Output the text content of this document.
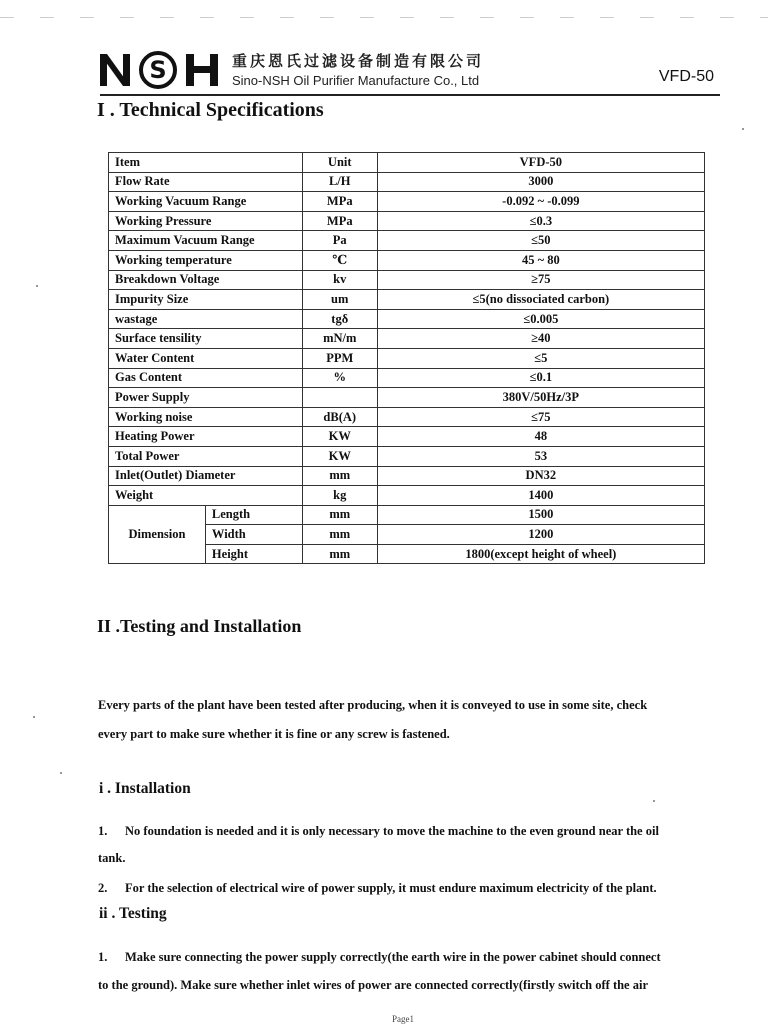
S	重庆恩氏过滤设备制造有限公司
Sino-NSH Oil Purifier Manufacture Co., Ltd	VFD-50
I . Technical Specifications
Item		Unit	VFD-50
Flow Rate		L/H	3000
Working Vacuum Range		MPa	-0.092 ~ -0.099
Working Pressure		MPa	≤0.3
Maximum Vacuum Range		Pa	≤50
Working temperature		℃	45 ~ 80
Breakdown Voltage		kv	≥75
Impurity Size		um	≤5(no dissociated carbon)
wastage		tgδ	≤0.005
Surface tensility		mN/m	≥40
Water Content		PPM	≤5
Gas Content		%	≤0.1
Power Supply			380V/50Hz/3P
Working noise		dB(A)	≤75
Heating Power		KW	48
Total Power		KW	53
Inlet(Outlet) Diameter		mm	DN32
Weight		kg	1400
Dimension	Length	mm	1500
	Width	mm	1200
	Height	mm	1800(except height of wheel)
II .Testing and Installation
Every parts of the plant have been tested after producing, when it is conveyed to use in some site, check
every part to make sure whether it is fine or any screw is fastened.
i . Installation
1. No foundation is needed and it is only necessary to move the machine to the even ground near the oil
tank.
2. For the selection of electrical wire of power supply, it must endure maximum electricity of the plant.
ii . Testing
1. Make sure connecting the power supply correctly(the earth wire in the power cabinet should connect
to the ground). Make sure whether inlet wires of power are connected correctly(firstly switch off the air
Page1
